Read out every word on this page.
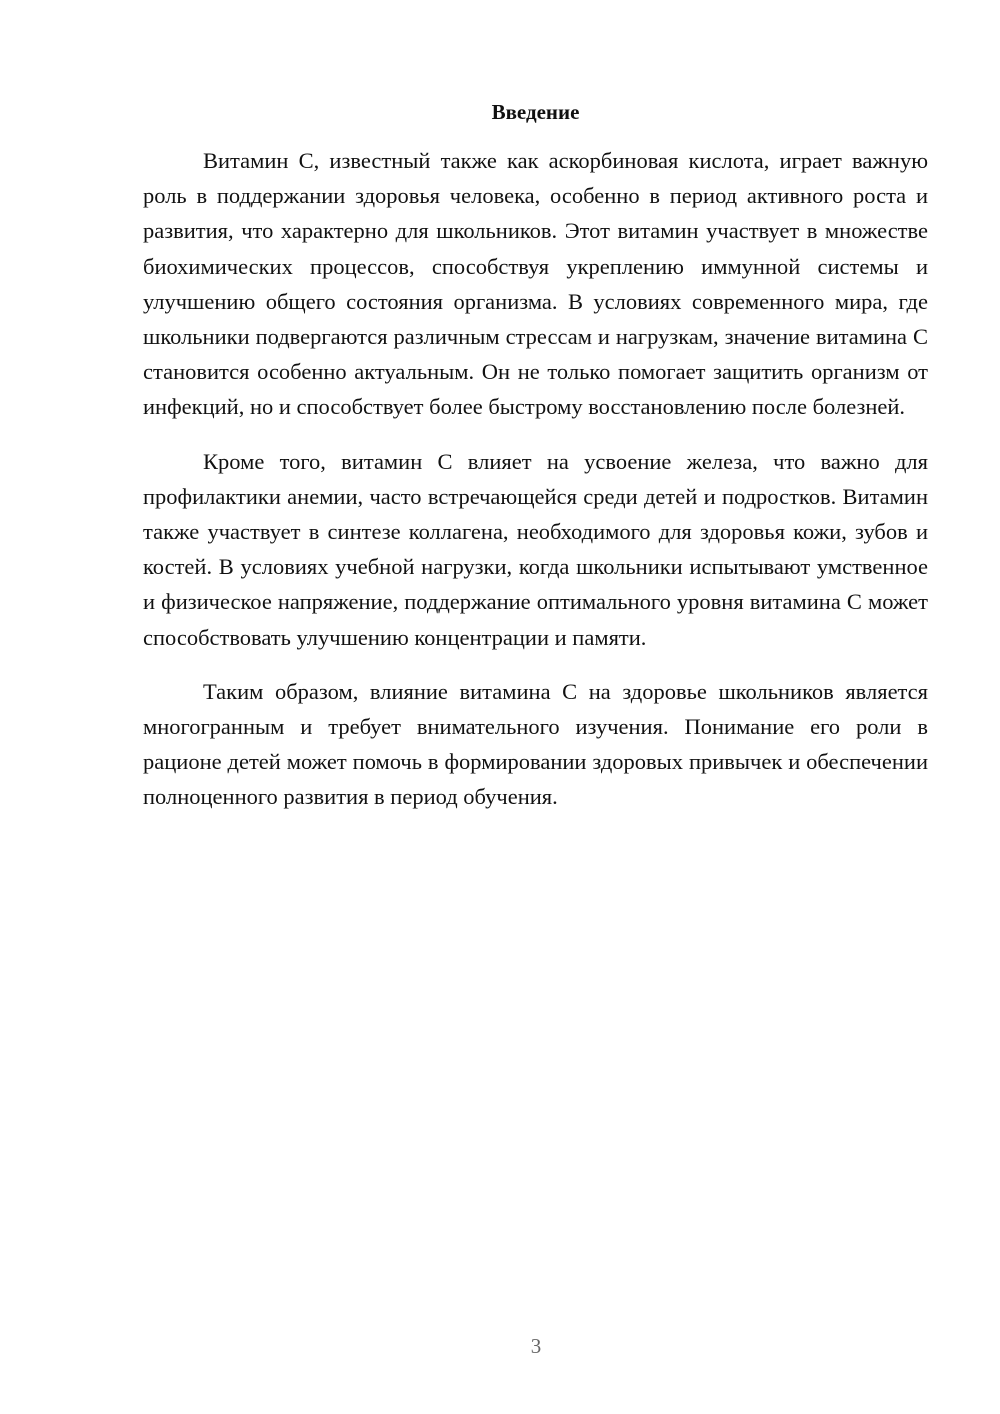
Введение

Витамин С, известный также как аскорбиновая кислота, играет важную роль в поддержании здоровья человека, особенно в период активного роста и развития, что характерно для школьников. Этот витамин участвует в множестве биохимических процессов, способствуя укреплению иммунной системы и улучшению общего состояния организма. В условиях современного мира, где школьники подвергаются различным стрессам и нагрузкам, значение витамина С становится особенно актуальным. Он не только помогает защитить организм от инфекций, но и способствует более быстрому восстановлению после болезней.

Кроме того, витамин С влияет на усвоение железа, что важно для профилактики анемии, часто встречающейся среди детей и подростков. Витамин также участвует в синтезе коллагена, необходимого для здоровья кожи, зубов и костей. В условиях учебной нагрузки, когда школьники испытывают умственное и физическое напряжение, поддержание оптимального уровня витамина С может способствовать улучшению концентрации и памяти.

Таким образом, влияние витамина С на здоровье школьников является многогранным и требует внимательного изучения. Понимание его роли в рационе детей может помочь в формировании здоровых привычек и обеспечении полноценного развития в период обучения.

3
